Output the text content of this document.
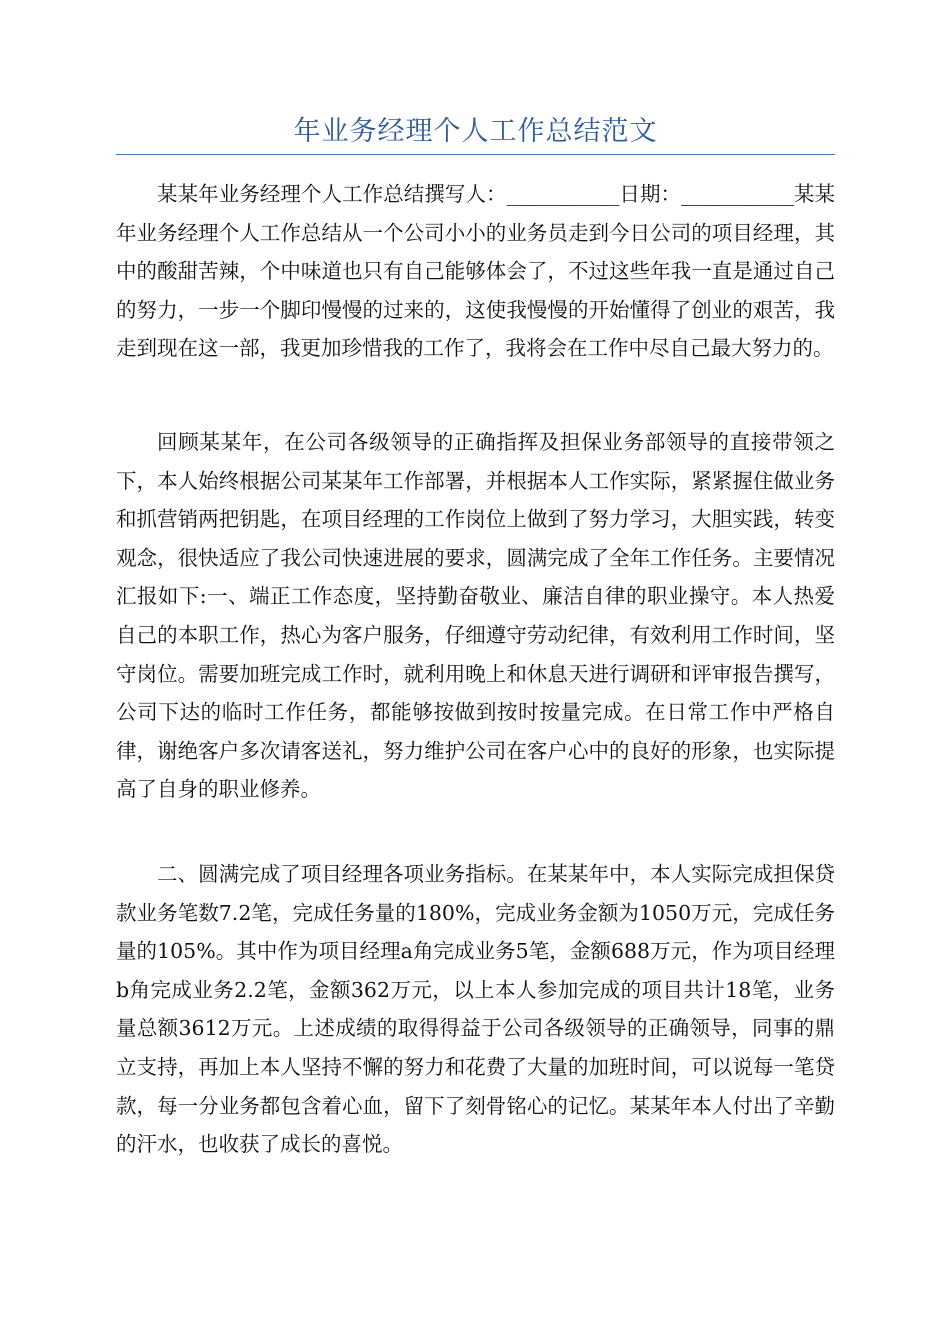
年业务经理个人工作总结范文

某某年业务经理个人工作总结撰写人：___________日期：___________某某年业务经理个人工作总结从一个公司小小的业务员走到今日公司的项目经理，其中的酸甜苦辣，个中味道也只有自己能够体会了，不过这些年我一直是通过自己的努力，一步一个脚印慢慢的过来的，这使我慢慢的开始懂得了创业的艰苦，我走到现在这一部，我更加珍惜我的工作了，我将会在工作中尽自己最大努力的。

回顾某某年，在公司各级领导的正确指挥及担保业务部领导的直接带领之下，本人始终根据公司某某年工作部署，并根据本人工作实际，紧紧握住做业务和抓营销两把钥匙，在项目经理的工作岗位上做到了努力学习，大胆实践，转变观念，很快适应了我公司快速进展的要求，圆满完成了全年工作任务。主要情况汇报如下:一、端正工作态度，坚持勤奋敬业、廉洁自律的职业操守。本人热爱自己的本职工作，热心为客户服务，仔细遵守劳动纪律，有效利用工作时间，坚守岗位。需要加班完成工作时，就利用晚上和休息天进行调研和评审报告撰写，公司下达的临时工作任务，都能够按做到按时按量完成。在日常工作中严格自律，谢绝客户多次请客送礼，努力维护公司在客户心中的良好的形象，也实际提高了自身的职业修养。

二、圆满完成了项目经理各项业务指标。在某某年中，本人实际完成担保贷款业务笔数7.2笔，完成任务量的180%，完成业务金额为1050万元，完成任务量的105%。其中作为项目经理a角完成业务5笔，金额688万元，作为项目经理b角完成业务2.2笔，金额362万元，以上本人参加完成的项目共计18笔，业务量总额3612万元。上述成绩的取得得益于公司各级领导的正确领导，同事的鼎立支持，再加上本人坚持不懈的努力和花费了大量的加班时间，可以说每一笔贷款，每一分业务都包含着心血，留下了刻骨铭心的记忆。某某年本人付出了辛勤的汗水，也收获了成长的喜悦。
